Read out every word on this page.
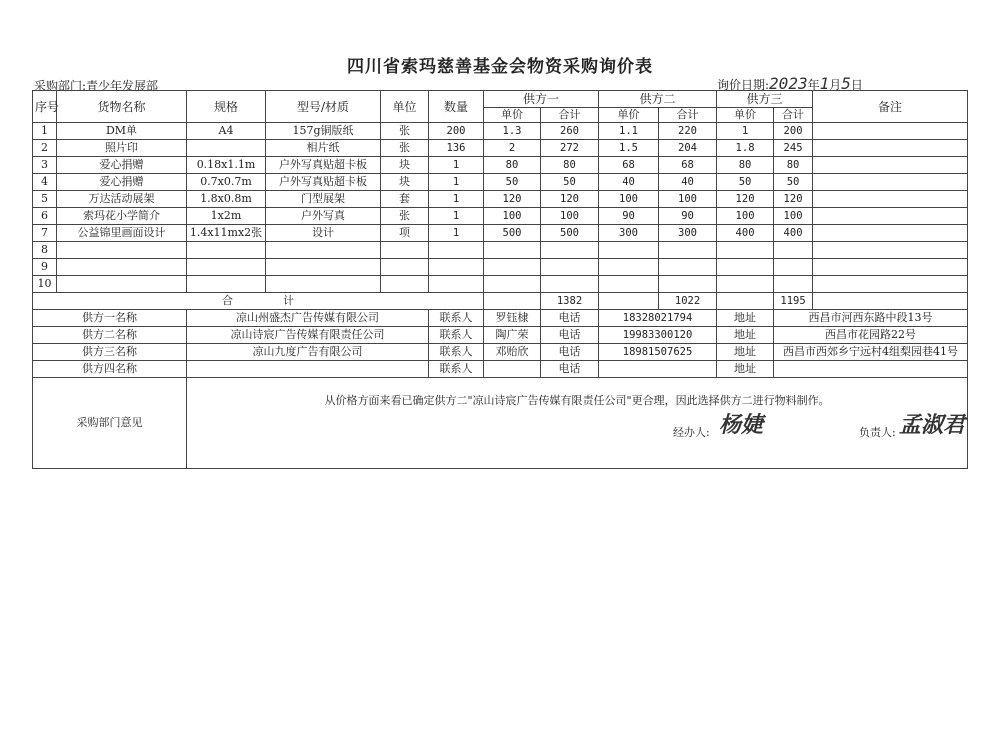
四川省索玛慈善基金会物资采购询价表
采购部门:青少年发展部	询价日期:2023年1月5日
序号	货物名称	规格	型号/材质	单位	数量	供方一		供方二		供方三		备注
						单价	合计	单价	合计	单价	合计	
1	DM单	A4	157g铜版纸	张	200	1.3	260	1.1	220	1	200	
2	照片印		相片纸	张	136	2	272	1.5	204	1.8	245	
3	爱心捐赠	0.18x1.1m	户外写真贴超卡板	块	1	80	80	68	68	80	80	
4	爱心捐赠	0.7x0.7m	户外写真贴超卡板	块	1	50	50	40	40	50	50	
5	万达活动展架	1.8x0.8m	门型展架	套	1	120	120	100	100	120	120	
6	索玛花小学简介	1x2m	户外写真	张	1	100	100	90	90	100	100	
7	公益锦里画面设计	1.4x11mx2张	设计	项	1	500	500	300	300	400	400	
8												
9												
10												
合 计							1382		1022		1195	
供方一名称		凉山州盛杰广告传媒有限公司			联系人	罗钰棣	电话	18328021794		地址	西昌市河西东路中段13号	
供方二名称		凉山诗宸广告传媒有限责任公司			联系人	陶广荣	电话	19983300120		地址	西昌市花园路22号	
供方三名称		凉山九度广告有限公司			联系人	邓贻欣	电话	18981507625		地址	西昌市西郊乡宁远村4组梨园巷41号	
供方四名称					联系人		电话			地址		
采购部门意见		从价格方面来看已确定供方二"凉山诗宸广告传媒有限责任公司"更合理，因此选择供方二进行物料制作。
经办人: 杨婕 负责人: 孟淑君										
